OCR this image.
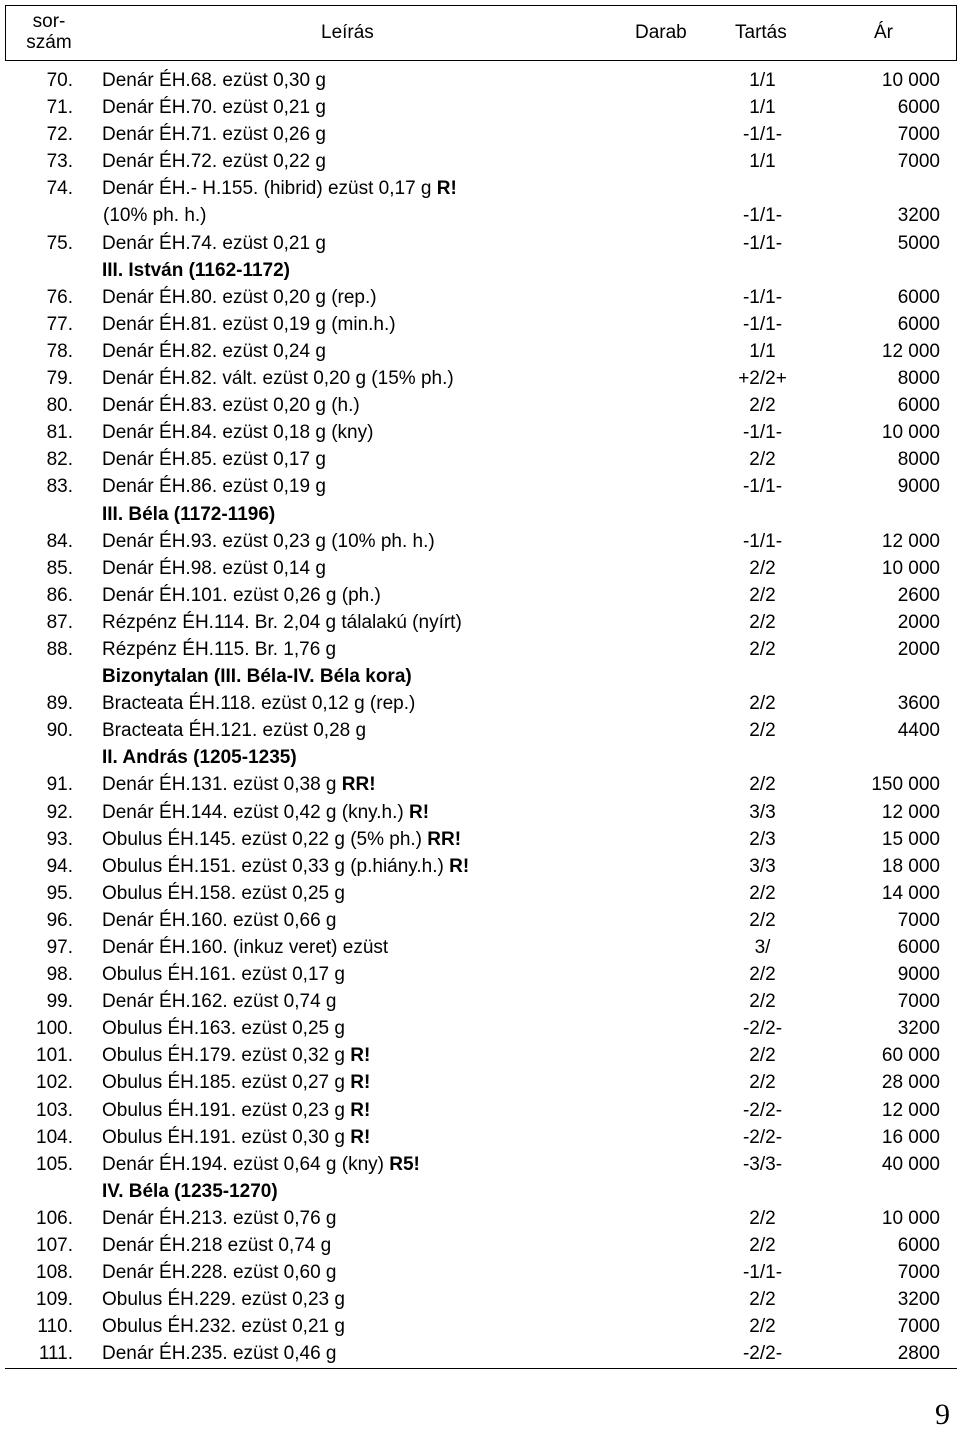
sor-
szám	Leírás	Darab	Tartás	Ár
70. Denár ÉH.68. ezüst 0,30 g	1/1	10 000
71. Denár ÉH.70. ezüst 0,21 g	1/1	6000
72. Denár ÉH.71. ezüst 0,26 g	-1/1-	7000
73. Denár ÉH.72. ezüst 0,22 g	1/1	7000
74. Denár ÉH.- H.155. (hibrid) ezüst 0,17 g R!
(10% ph. h.)	-1/1-	3200
75. Denár ÉH.74. ezüst 0,21 g	-1/1-	5000
III. István (1162-1172)
76. Denár ÉH.80. ezüst 0,20 g (rep.)	-1/1-	6000
77. Denár ÉH.81. ezüst 0,19 g (min.h.)	-1/1-	6000
78. Denár ÉH.82. ezüst 0,24 g	1/1	12 000
79. Denár ÉH.82. vált. ezüst 0,20 g (15% ph.)	+2/2+	8000
80. Denár ÉH.83. ezüst 0,20 g (h.)	2/2	6000
81. Denár ÉH.84. ezüst 0,18 g (kny)	-1/1-	10 000
82. Denár ÉH.85. ezüst 0,17 g	2/2	8000
83. Denár ÉH.86. ezüst 0,19 g	-1/1-	9000
III. Béla (1172-1196)
84. Denár ÉH.93. ezüst 0,23 g (10% ph. h.)	-1/1-	12 000
85. Denár ÉH.98. ezüst 0,14 g	2/2	10 000
86. Denár ÉH.101. ezüst 0,26 g (ph.)	2/2	2600
87. Rézpénz ÉH.114. Br. 2,04 g tálalakú (nyírt)	2/2	2000
88. Rézpénz ÉH.115. Br. 1,76 g	2/2	2000
Bizonytalan (III. Béla-IV. Béla kora)
89. Bracteata ÉH.118. ezüst 0,12 g (rep.)	2/2	3600
90. Bracteata ÉH.121. ezüst 0,28 g	2/2	4400
II. András (1205-1235)
91. Denár ÉH.131. ezüst 0,38 g RR!	2/2	150 000
92. Denár ÉH.144. ezüst 0,42 g (kny.h.) R!	3/3	12 000
93. Obulus ÉH.145. ezüst 0,22 g (5% ph.) RR!	2/3	15 000
94. Obulus ÉH.151. ezüst 0,33 g (p.hiány.h.) R!	3/3	18 000
95. Obulus ÉH.158. ezüst 0,25 g	2/2	14 000
96. Denár ÉH.160. ezüst 0,66 g	2/2	7000
97. Denár ÉH.160. (inkuz veret) ezüst	3/	6000
98. Obulus ÉH.161. ezüst 0,17 g	2/2	9000
99. Denár ÉH.162. ezüst 0,74 g	2/2	7000
100. Obulus ÉH.163. ezüst 0,25 g	-2/2-	3200
101. Obulus ÉH.179. ezüst 0,32 g R!	2/2	60 000
102. Obulus ÉH.185. ezüst 0,27 g R!	2/2	28 000
103. Obulus ÉH.191. ezüst 0,23 g R!	-2/2-	12 000
104. Obulus ÉH.191. ezüst 0,30 g R!	-2/2-	16 000
105. Denár ÉH.194. ezüst 0,64 g (kny) R5!	-3/3-	40 000
IV. Béla (1235-1270)
106. Denár ÉH.213. ezüst 0,76 g	2/2	10 000
107. Denár ÉH.218 ezüst 0,74 g	2/2	6000
108. Denár ÉH.228. ezüst 0,60 g	-1/1-	7000
109. Obulus ÉH.229. ezüst 0,23 g	2/2	3200
110. Obulus ÉH.232. ezüst 0,21 g	2/2	7000
111. Denár ÉH.235. ezüst 0,46 g	-2/2-	2800
9
